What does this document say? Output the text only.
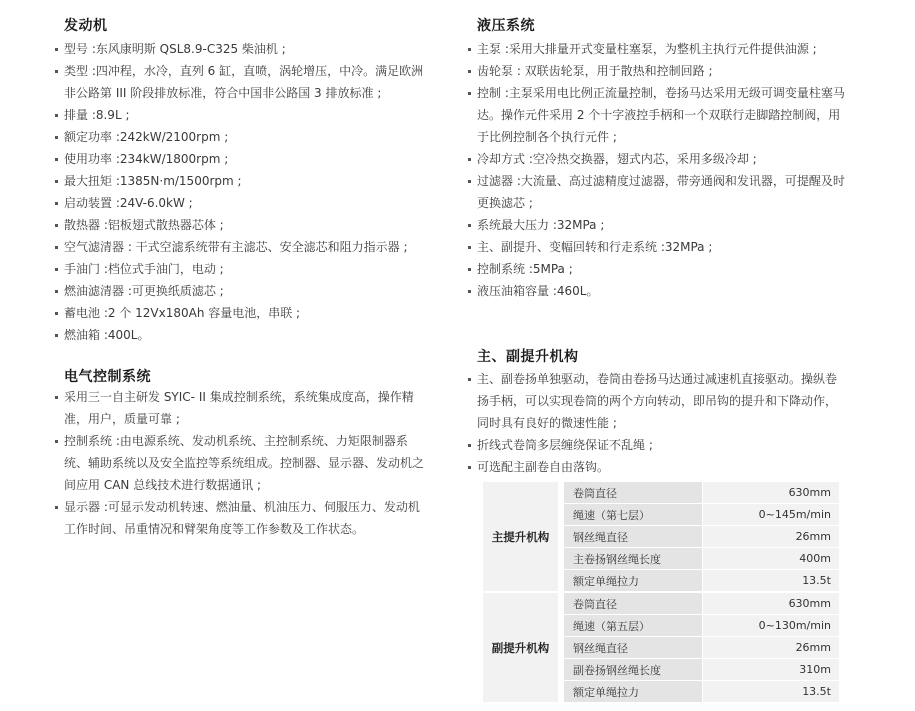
发动机
型号 :东风康明斯 QSL8.9-C325 柴油机 ;
类型 :四冲程，水冷，直列 6 缸，直喷，涡轮增压，中冷。满足欧洲非公路第 III 阶段排放标准，符合中国非公路国 3 排放标准 ;
排量 :8.9L ;
额定功率 :242kW/2100rpm ;
使用功率 :234kW/1800rpm ;
最大扭矩 :1385N·m/1500rpm ;
启动装置 :24V-6.0kW ;
散热器 :铝板翅式散热器芯体 ;
空气滤清器 : 干式空滤系统带有主滤芯、安全滤芯和阻力指示器 ;
手油门 :档位式手油门，电动 ;
燃油滤清器 :可更换纸质滤芯 ;
蓄电池 :2 个 12Vx180Ah 容量电池，串联 ;
燃油箱 :400L。
电气控制系统
采用三一自主研发 SYIC- II 集成控制系统，系统集成度高，操作精准，用户，质量可靠 ;
控制系统 :由电源系统、发动机系统、主控制系统、力矩限制器系统、辅助系统以及安全监控等系统组成。控制器、显示器、发动机之间应用 CAN 总线技术进行数据通讯 ;
显示器 :可显示发动机转速、燃油量、机油压力、伺服压力、发动机工作时间、吊重情况和臂架角度等工作参数及工作状态。
液压系统
主泵 :采用大排量开式变量柱塞泵，为整机主执行元件提供油源 ;
齿轮泵 : 双联齿轮泵，用于散热和控制回路 ;
控制 :主泵采用电比例正流量控制，卷扬马达采用无级可调变量柱塞马达。操作元件采用 2 个十字液控手柄和一个双联行走脚踏控制阀，用于比例控制各个执行元件 ;
冷却方式 :空冷热交换器，翅式内芯，采用多级冷却 ;
过滤器 :大流量、高过滤精度过滤器，带旁通阀和发讯器，可提醒及时更换滤芯 ;
系统最大压力 :32MPa ;
主、副提升、变幅回转和行走系统 :32MPa ;
控制系统 :5MPa ;
液压油箱容量 :460L。
主、副提升机构
主、副卷扬单独驱动，卷筒由卷扬马达通过减速机直接驱动。操纵卷扬手柄，可以实现卷筒的两个方向转动，即吊钩的提升和下降动作，同时具有良好的微速性能 ;
折线式卷筒多层缠绕保证不乱绳 ;
可选配主副卷自由落钩。
主提升机构		卷筒直径		630mm
		绳速（第七层）		0~145m/min
		钢丝绳直径		26mm
		主卷扬钢丝绳长度		400m
		额定单绳拉力		13.5t
副提升机构		卷筒直径		630mm
		绳速（第五层）		0~130m/min
		钢丝绳直径		26mm
		副卷扬钢丝绳长度		310m
		额定单绳拉力		13.5t
